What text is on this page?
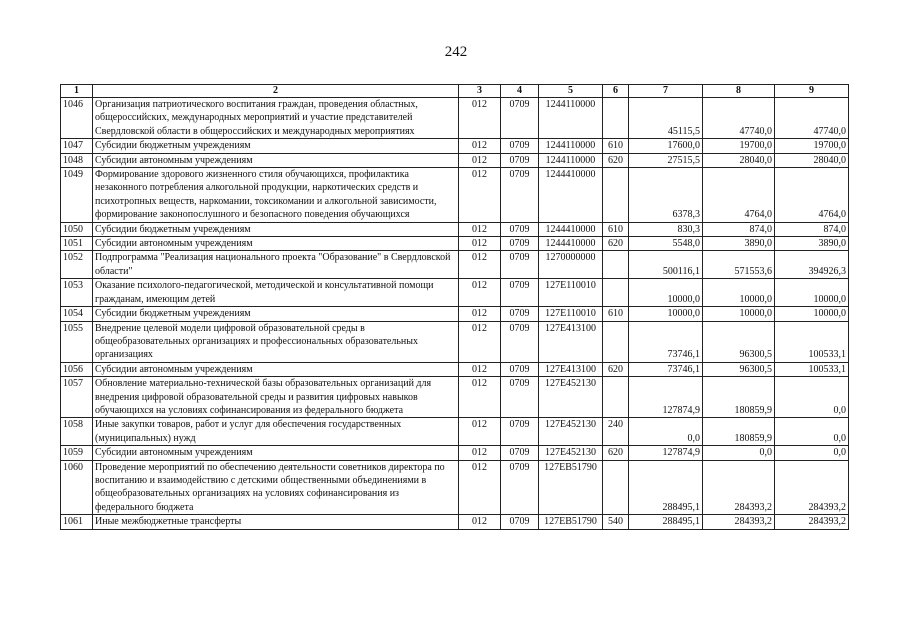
242
1	2	3	4	5	6	7	8	9
1046	Организация патриотического воспитания граждан, проведения областных, общероссийских, международных мероприятий и участие представителей Свердловской области в общероссийских и международных мероприятиях	012	0709	1244110000		45115,5	47740,0	47740,0
1047	Субсидии бюджетным учреждениям	012	0709	1244110000	610	17600,0	19700,0	19700,0
1048	Субсидии автономным учреждениям	012	0709	1244110000	620	27515,5	28040,0	28040,0
1049	Формирование здорового жизненного стиля обучающихся, профилактика незаконного потребления алкогольной продукции, наркотических средств и психотропных веществ, наркомании, токсикомании и алкогольной зависимости, формирование законопослушного и безопасного поведения обучающихся	012	0709	1244410000		6378,3	4764,0	4764,0
1050	Субсидии бюджетным учреждениям	012	0709	1244410000	610	830,3	874,0	874,0
1051	Субсидии автономным учреждениям	012	0709	1244410000	620	5548,0	3890,0	3890,0
1052	Подпрограмма "Реализация национального проекта "Образование" в Свердловской области"	012	0709	1270000000		500116,1	571553,6	394926,3
1053	Оказание психолого-педагогической, методической и консультативной помощи гражданам, имеющим детей	012	0709	127E110010		10000,0	10000,0	10000,0
1054	Субсидии бюджетным учреждениям	012	0709	127E110010	610	10000,0	10000,0	10000,0
1055	Внедрение целевой модели цифровой образовательной среды в общеобразовательных организациях и профессиональных образовательных организациях	012	0709	127E413100		73746,1	96300,5	100533,1
1056	Субсидии автономным учреждениям	012	0709	127E413100	620	73746,1	96300,5	100533,1
1057	Обновление материально-технической базы образовательных организаций для внедрения цифровой образовательной среды и развития цифровых навыков обучающихся на условиях софинансирования из федерального бюджета	012	0709	127E452130		127874,9	180859,9	0,0
1058	Иные закупки товаров, работ и услуг для обеспечения государственных (муниципальных) нужд	012	0709	127E452130	240	0,0	180859,9	0,0
1059	Субсидии автономным учреждениям	012	0709	127E452130	620	127874,9	0,0	0,0
1060	Проведение мероприятий по обеспечению деятельности советников директора по воспитанию и взаимодействию с детскими общественными объединениями в общеобразовательных организациях на условиях софинансирования из федерального бюджета	012	0709	127EB51790		288495,1	284393,2	284393,2
1061	Иные межбюджетные трансферты	012	0709	127EB51790	540	288495,1	284393,2	284393,2
